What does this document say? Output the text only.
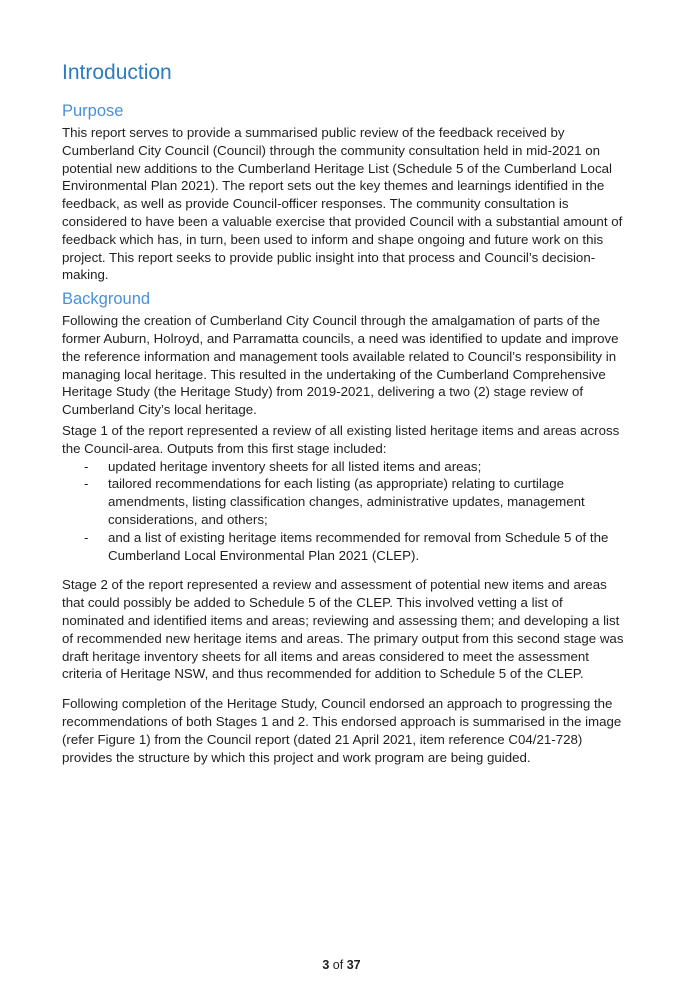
Introduction
Purpose

This report serves to provide a summarised public review of the feedback received by Cumberland City Council (Council) through the community consultation held in mid-2021 on potential new additions to the Cumberland Heritage List (Schedule 5 of the Cumberland Local Environmental Plan 2021). The report sets out the key themes and learnings identified in the feedback, as well as provide Council-officer responses. The community consultation is considered to have been a valuable exercise that provided Council with a substantial amount of feedback which has, in turn, been used to inform and shape ongoing and future work on this project. This report seeks to provide public insight into that process and Council’s decision-making.

Background

Following the creation of Cumberland City Council through the amalgamation of parts of the former Auburn, Holroyd, and Parramatta councils, a need was identified to update and improve the reference information and management tools available related to Council’s responsibility in managing local heritage. This resulted in the undertaking of the Cumberland Comprehensive Heritage Study (the Heritage Study) from 2019-2021, delivering a two (2) stage review of Cumberland City’s local heritage.

Stage 1 of the report represented a review of all existing listed heritage items and areas across the Council-area. Outputs from this first stage included:

- updated heritage inventory sheets for all listed items and areas;
- tailored recommendations for each listing (as appropriate) relating to curtilage amendments, listing classification changes, administrative updates, management considerations, and others;
- and a list of existing heritage items recommended for removal from Schedule 5 of the Cumberland Local Environmental Plan 2021 (CLEP).

Stage 2 of the report represented a review and assessment of potential new items and areas that could possibly be added to Schedule 5 of the CLEP. This involved vetting a list of nominated and identified items and areas; reviewing and assessing them; and developing a list of recommended new heritage items and areas. The primary output from this second stage was draft heritage inventory sheets for all items and areas considered to meet the assessment criteria of Heritage NSW, and thus recommended for addition to Schedule 5 of the CLEP.

Following completion of the Heritage Study, Council endorsed an approach to progressing the recommendations of both Stages 1 and 2. This endorsed approach is summarised in the image (refer Figure 1) from the Council report (dated 21 April 2021, item reference C04/21-728) provides the structure by which this project and work program are being guided.

3 of 37
